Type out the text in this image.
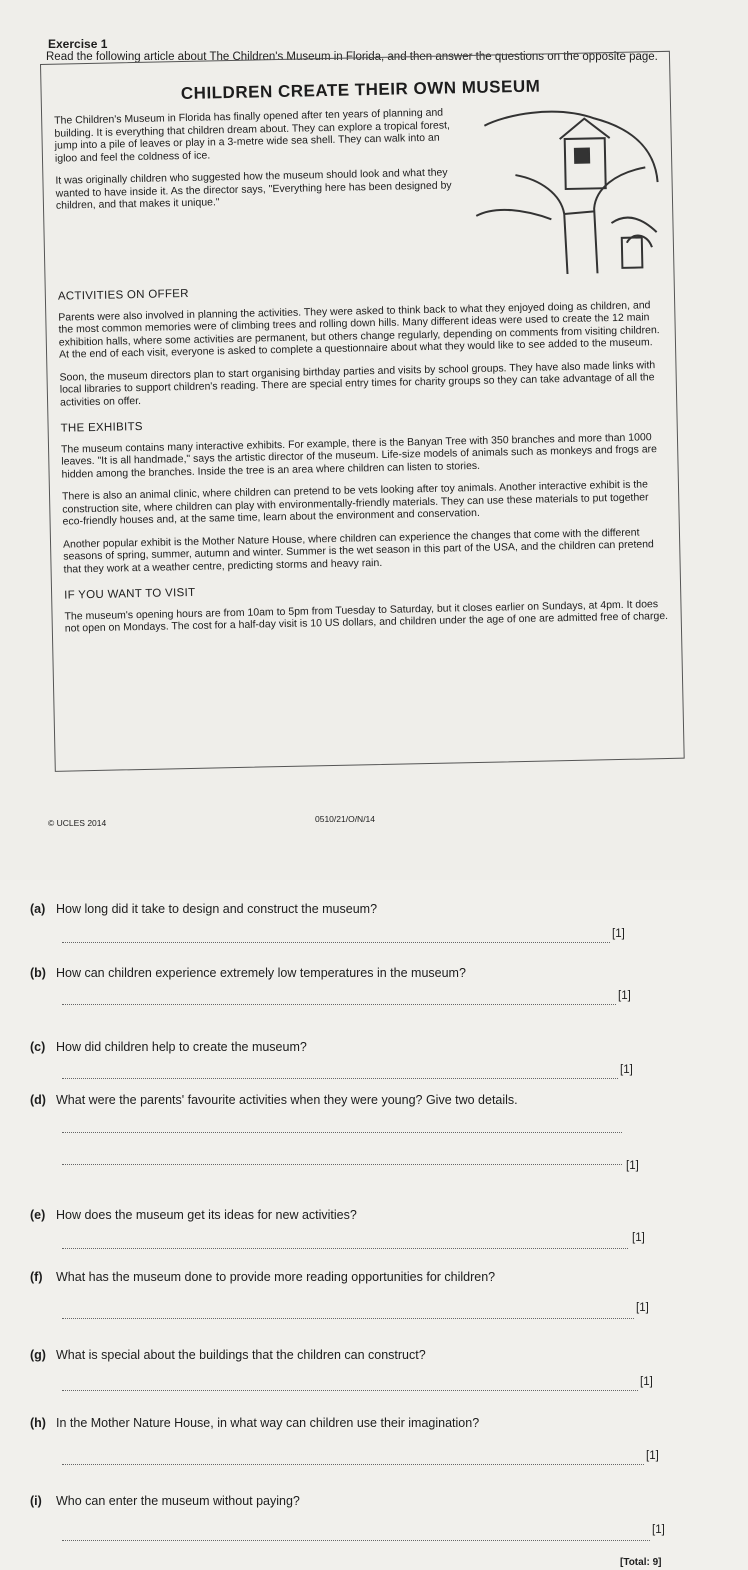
Exercise 1
Read the following article about The Children's Museum in Florida, and then answer the questions on the opposite page.
CHILDREN CREATE THEIR OWN MUSEUM

The Children's Museum in Florida has finally opened after ten years of planning and building. It is everything that children dream about. They can explore a tropical forest, jump into a pile of leaves or play in a 3-metre wide sea shell. They can walk into an igloo and feel the coldness of ice.

It was originally children who suggested how the museum should look and what they wanted to have inside it. As the director says, "Everything here has been designed by children, and that makes it unique."

ACTIVITIES ON OFFER

Parents were also involved in planning the activities. They were asked to think back to what they enjoyed doing as children, and the most common memories were of climbing trees and rolling down hills. Many different ideas were used to create the 12 main exhibition halls, where some activities are permanent, but others change regularly, depending on comments from visiting children. At the end of each visit, everyone is asked to complete a questionnaire about what they would like to see added to the museum.

Soon, the museum directors plan to start organising birthday parties and visits by school groups. They have also made links with local libraries to support children's reading. There are special entry times for charity groups so they can take advantage of all the activities on offer.

THE EXHIBITS

The museum contains many interactive exhibits. For example, there is the Banyan Tree with 350 branches and more than 1000 leaves. "It is all handmade," says the artistic director of the museum. Life-size models of animals such as monkeys and frogs are hidden among the branches. Inside the tree is an area where children can listen to stories.

There is also an animal clinic, where children can pretend to be vets looking after toy animals. Another interactive exhibit is the construction site, where children can play with environmentally-friendly materials. They can use these materials to put together eco-friendly houses and, at the same time, learn about the environment and conservation.

Another popular exhibit is the Mother Nature House, where children can experience the changes that come with the different seasons of spring, summer, autumn and winter. Summer is the wet season in this part of the USA, and the children can pretend that they work at a weather centre, predicting storms and heavy rain.

IF YOU WANT TO VISIT

The museum's opening hours are from 10am to 5pm from Tuesday to Saturday, but it closes earlier on Sundays, at 4pm. It does not open on Mondays. The cost for a half-day visit is 10 US dollars, and children under the age of one are admitted free of charge.

© UCLES 2014	0510/21/O/N/14
(a) How long did it take to design and construct the museum?
[1]
(b) How can children experience extremely low temperatures in the museum?
[1]
(c) How did children help to create the museum?
[1]
(d) What were the parents' favourite activities when they were young? Give two details.
[1]
(e) How does the museum get its ideas for new activities?
[1]
(f) What has the museum done to provide more reading opportunities for children?
[1]
(g) What is special about the buildings that the children can construct?
[1]
(h) In the Mother Nature House, in what way can children use their imagination?
[1]
(i) Who can enter the museum without paying?
[1]
[Total: 9]
